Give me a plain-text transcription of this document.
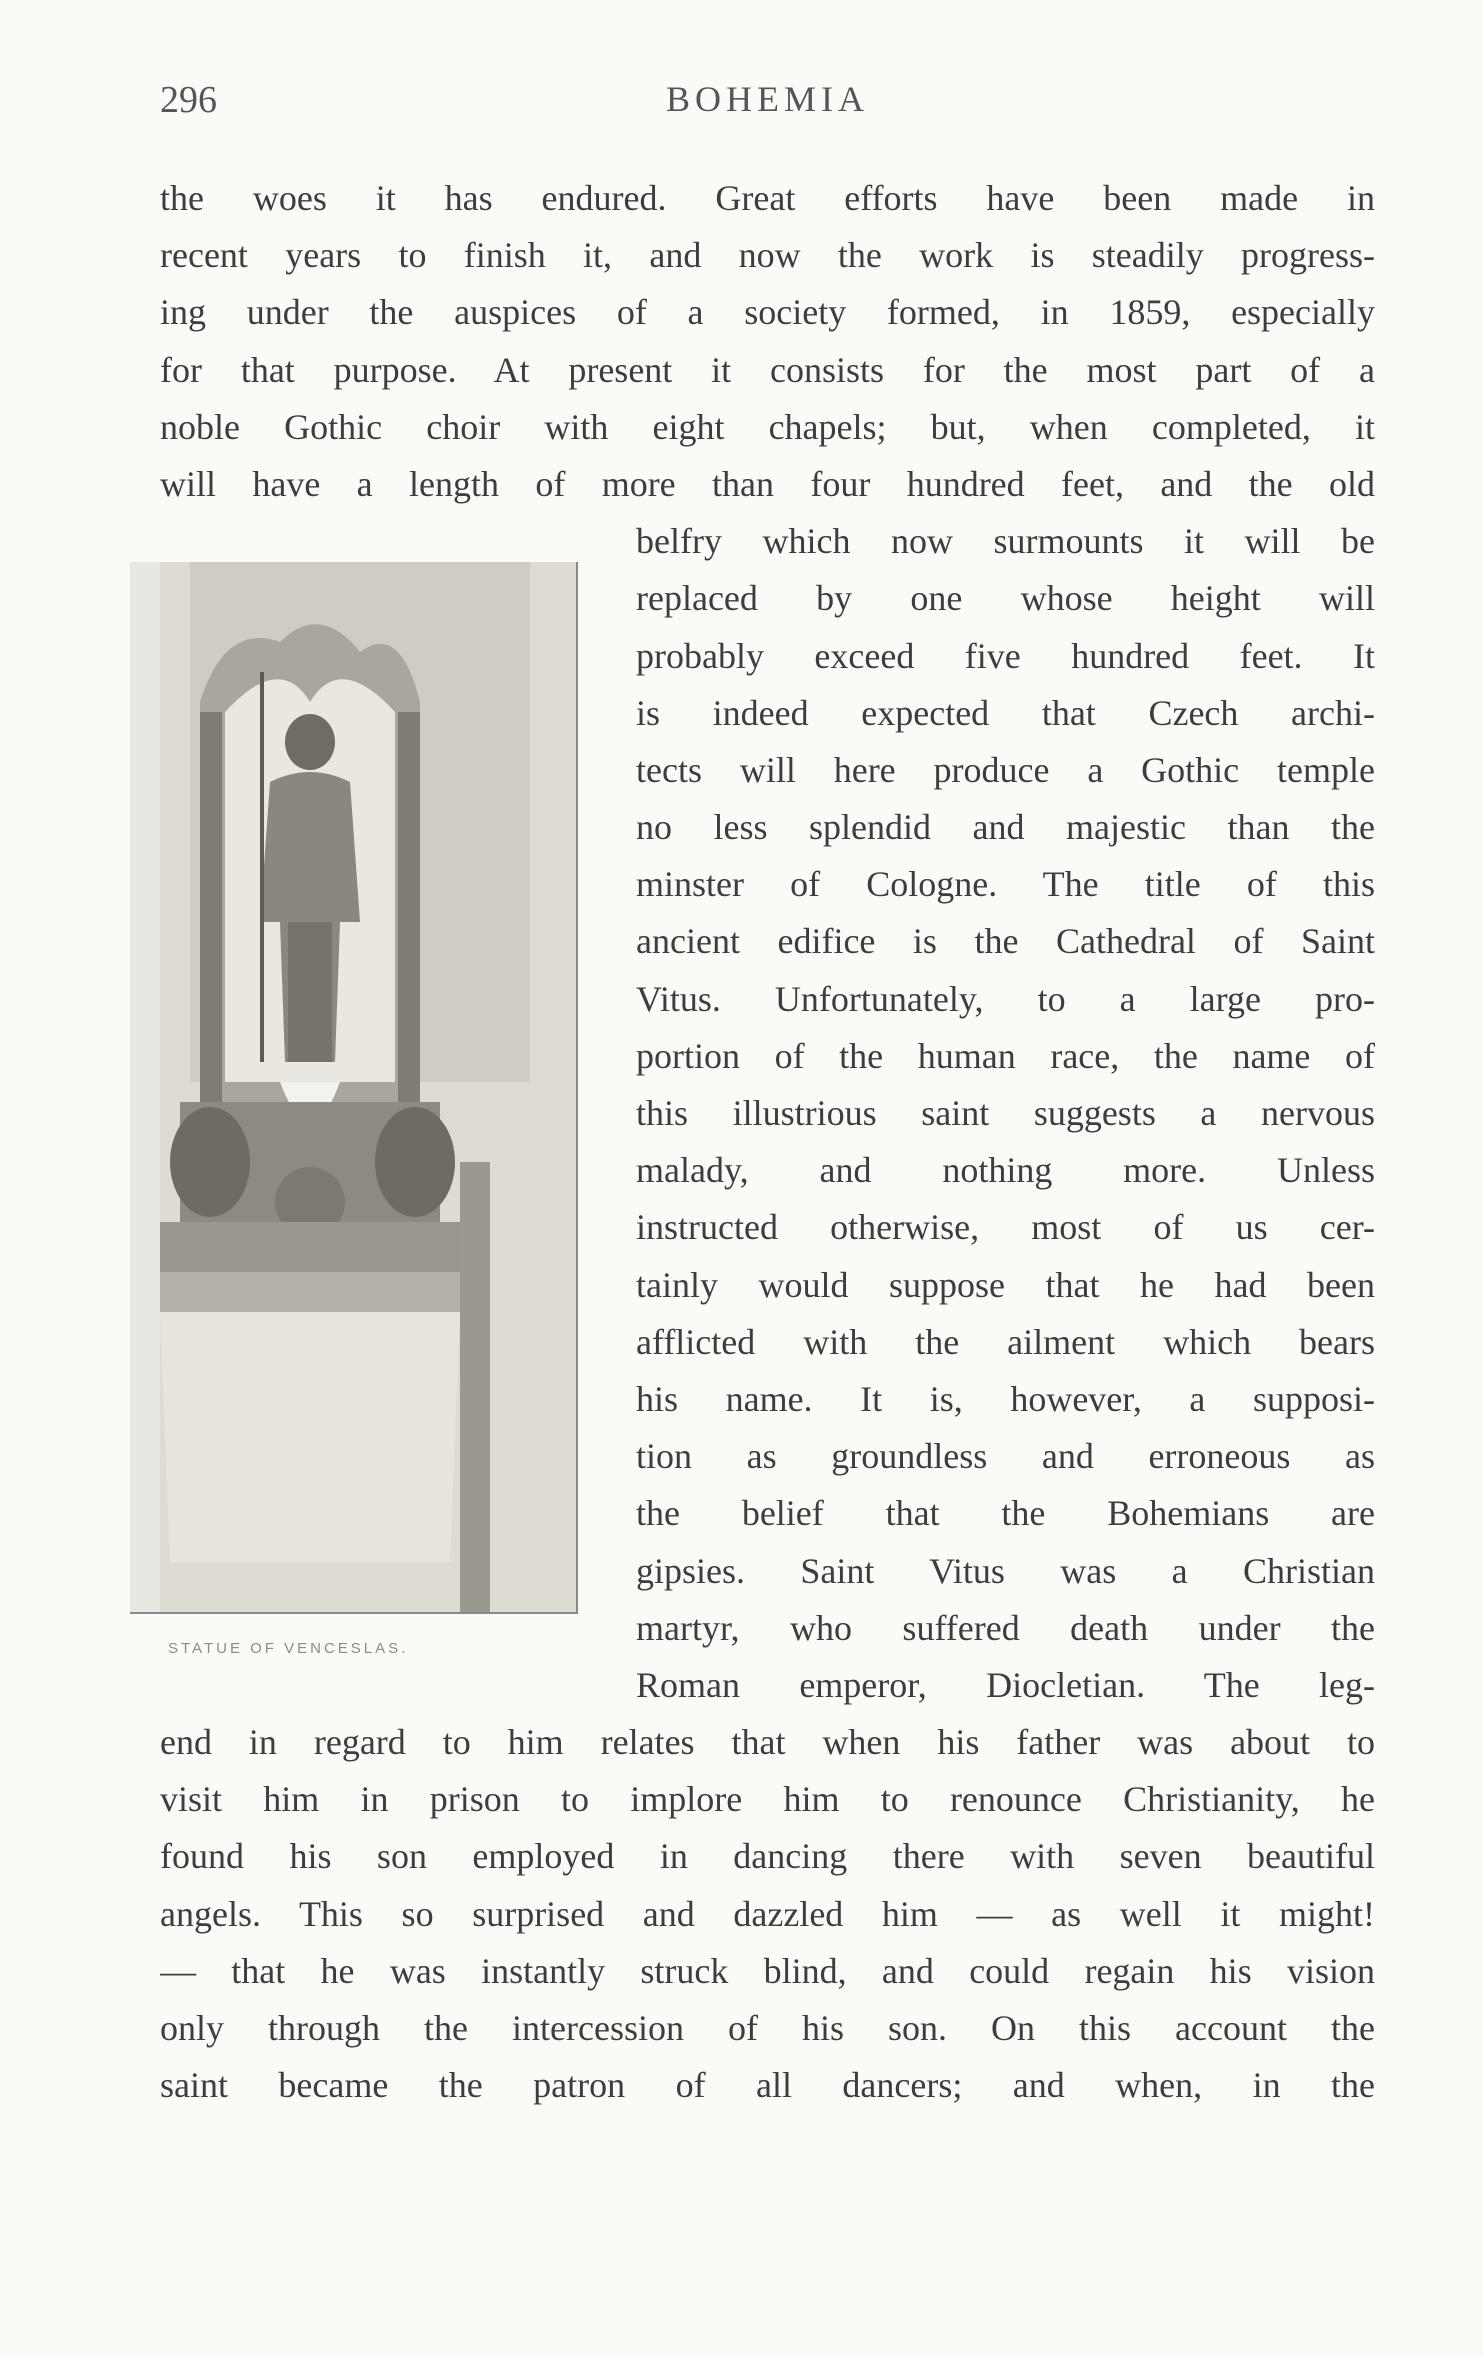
296	BOHEMIA
STATUE OF VENCESLAS.
the woes it has endured. Great efforts have been made in
recent years to finish it, and now the work is steadily progress-
ing under the auspices of a society formed, in 1859, especially
for that purpose. At present it consists for the most part of a
noble Gothic choir with eight chapels; but, when completed, it
will have a length of more than four hundred feet, and the old
belfry which now surmounts it will be
replaced by one whose height will
probably exceed five hundred feet. It
is indeed expected that Czech archi-
tects will here produce a Gothic temple
no less splendid and majestic than the
minster of Cologne. The title of this
ancient edifice is the Cathedral of Saint
Vitus. Unfortunately, to a large pro-
portion of the human race, the name of
this illustrious saint suggests a nervous
malady, and nothing more. Unless
instructed otherwise, most of us cer-
tainly would suppose that he had been
afflicted with the ailment which bears
his name. It is, however, a supposi-
tion as groundless and erroneous as
the belief that the Bohemians are
gipsies. Saint Vitus was a Christian
martyr, who suffered death under the
Roman emperor, Diocletian. The leg-
end in regard to him relates that when his father was about to
visit him in prison to implore him to renounce Christianity, he
found his son employed in dancing there with seven beautiful
angels. This so surprised and dazzled him — as well it might!
— that he was instantly struck blind, and could regain his vision
only through the intercession of his son. On this account the
saint became the patron of all dancers; and when, in the
